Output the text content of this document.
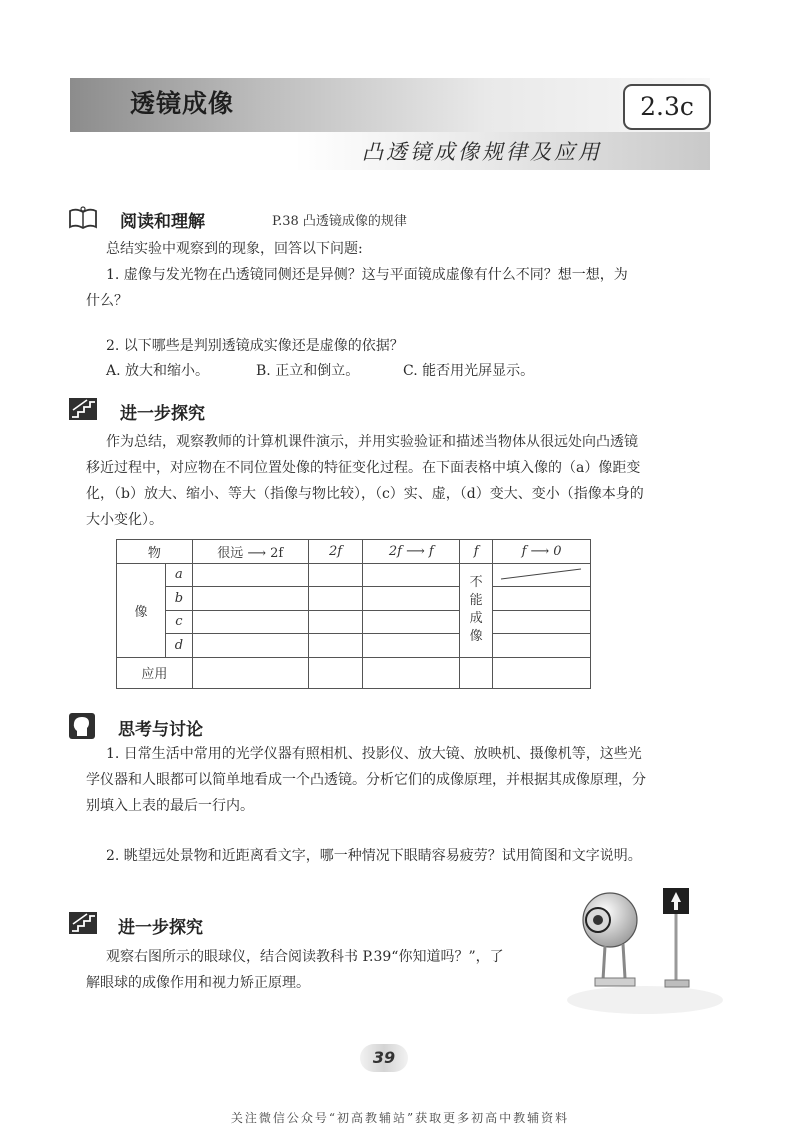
透镜成像	2.3c
凸透镜成像规律及应用
阅读和理解	P.38 凸透镜成像的规律
总结实验中观察到的现象，回答以下问题:
1. 虚像与发光物在凸透镜同侧还是异侧？这与平面镜成虚像有什么不同？想一想，为
什么？
2. 以下哪些是判别透镜成实像还是虚像的依据？
A. 放大和缩小。	B. 正立和倒立。	C. 能否用光屏显示。
进一步探究
作为总结，观察教师的计算机课件演示，并用实验验证和描述当物体从很远处向凸透镜
移近过程中，对应物在不同位置处像的特征变化过程。在下面表格中填入像的（a）像距变
化，（b）放大、缩小、等大（指像与物比较），（c）实、虚，（d）变大、变小（指像本身的
大小变化）。
物		很远 ⟶ 2f	2f	2f ⟶ f	f	f ⟶ 0
像	a				不能成像	

	b					
	c					
	d					
应用						
思考与讨论
1. 日常生活中常用的光学仪器有照相机、投影仪、放大镜、放映机、摄像机等，这些光
学仪器和人眼都可以简单地看成一个凸透镜。分析它们的成像原理，并根据其成像原理，分
别填入上表的最后一行内。
2. 眺望远处景物和近距离看文字，哪一种情况下眼睛容易疲劳？试用简图和文字说明。
进一步探究
观察右图所示的眼球仪，结合阅读教科书 P.39“你知道吗？”，了
解眼球的成像作用和视力矫正原理。
39
关注微信公众号“初高教辅站”获取更多初高中教辅资料
